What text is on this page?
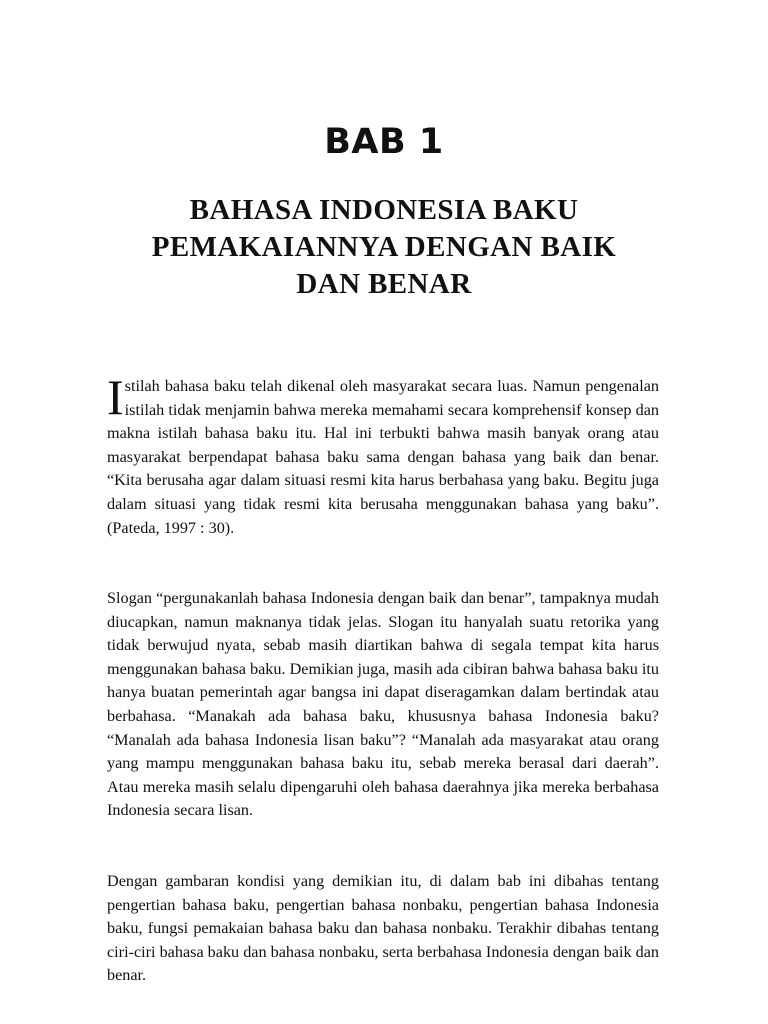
BAB 1
BAHASA INDONESIA BAKU
PEMAKAIANNYA DENGAN BAIK
DAN BENAR

Istilah bahasa baku telah dikenal oleh masyarakat secara luas. Namun pengenalan istilah tidak menjamin bahwa mereka memahami secara komprehensif konsep dan makna istilah bahasa baku itu. Hal ini terbukti bahwa masih banyak orang atau masyarakat berpendapat bahasa baku sama dengan bahasa yang baik dan benar. “Kita berusaha agar dalam situasi resmi kita harus berbahasa yang baku. Begitu juga dalam situasi yang tidak resmi kita berusaha menggunakan bahasa yang baku”. (Pateda, 1997 : 30).

Slogan “pergunakanlah bahasa Indonesia dengan baik dan benar”, tampaknya mudah diucapkan, namun maknanya tidak jelas. Slogan itu hanyalah suatu retorika yang tidak berwujud nyata, sebab masih diartikan bahwa di segala tempat kita harus menggunakan bahasa baku. Demikian juga, masih ada cibiran bahwa bahasa baku itu hanya buatan pemerintah agar bangsa ini dapat diseragamkan dalam bertindak atau berbahasa. “Manakah ada bahasa baku, khususnya bahasa Indonesia baku? “Manalah ada bahasa Indonesia lisan baku”? “Manalah ada masyarakat atau orang yang mampu menggunakan bahasa baku itu, sebab mereka berasal dari daerah”. Atau mereka masih selalu dipengaruhi oleh bahasa daerahnya jika mereka berbahasa Indonesia secara lisan.

Dengan gambaran kondisi yang demikian itu, di dalam bab ini dibahas tentang pengertian bahasa baku, pengertian bahasa nonbaku, pengertian bahasa Indonesia baku, fungsi pemakaian bahasa baku dan bahasa nonbaku. Terakhir dibahas tentang ciri-ciri bahasa baku dan bahasa nonbaku, serta berbahasa Indonesia dengan baik dan benar.
